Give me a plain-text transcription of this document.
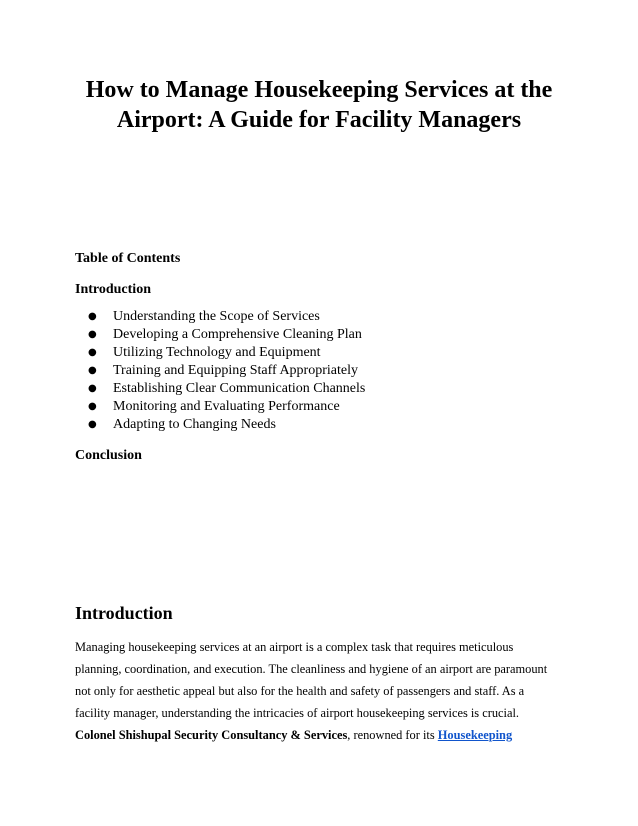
How to Manage Housekeeping Services at the
Airport: A Guide for Facility Managers

Table of Contents

Introduction

● Understanding the Scope of Services
● Developing a Comprehensive Cleaning Plan
● Utilizing Technology and Equipment
● Training and Equipping Staff Appropriately
● Establishing Clear Communication Channels
● Monitoring and Evaluating Performance
● Adapting to Changing Needs

Conclusion

Introduction

Managing housekeeping services at an airport is a complex task that requires meticulous
planning, coordination, and execution. The cleanliness and hygiene of an airport are paramount
not only for aesthetic appeal but also for the health and safety of passengers and staff. As a
facility manager, understanding the intricacies of airport housekeeping services is crucial.
Colonel Shishupal Security Consultancy & Services, renowned for its Housekeeping
